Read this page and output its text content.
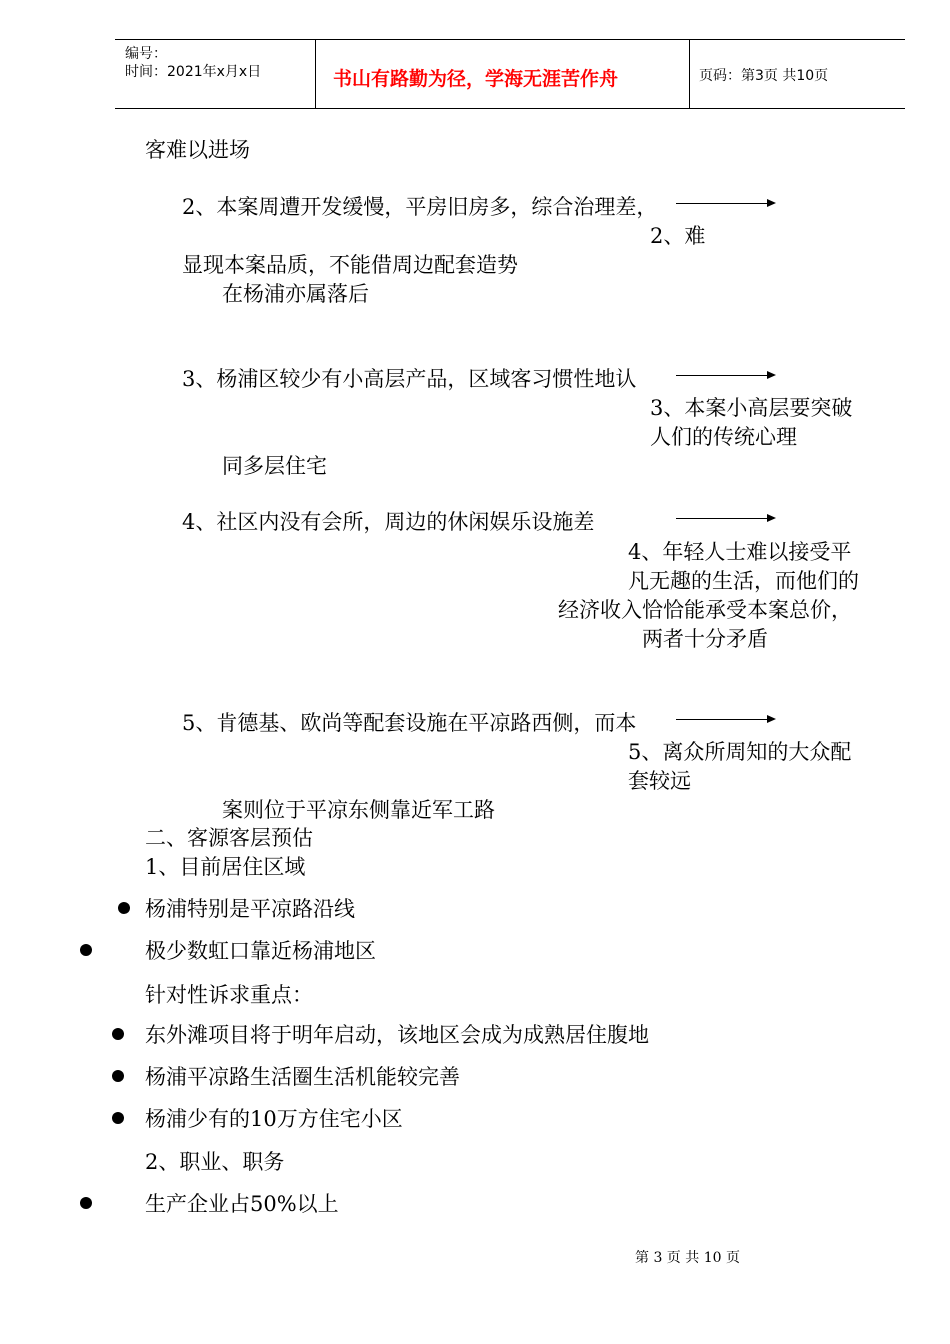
编号：
时间：2021年x月x日	书山有路勤为径，学海无涯苦作舟	页码：第3页 共10页
客难以进场
2、本案周遭开发缓慢，平房旧房多，综合治理差，
2、难
显现本案品质，不能借周边配套造势
在杨浦亦属落后
3、杨浦区较少有小高层产品，区域客习惯性地认
3、本案小高层要突破
人们的传统心理
同多层住宅
4、社区内没有会所，周边的休闲娱乐设施差
4、年轻人士难以接受平
凡无趣的生活，而他们的
经济收入恰恰能承受本案总价，
两者十分矛盾
5、肯德基、欧尚等配套设施在平凉路西侧，而本
5、离众所周知的大众配
套较远
案则位于平凉东侧靠近军工路
二、客源客层预估
1、目前居住区域
杨浦特别是平凉路沿线
极少数虹口靠近杨浦地区
针对性诉求重点：
东外滩项目将于明年启动，该地区会成为成熟居住腹地
杨浦平凉路生活圈生活机能较完善
杨浦少有的10万方住宅小区
2、职业、职务
生产企业占50%以上
第 3 页 共 10 页
